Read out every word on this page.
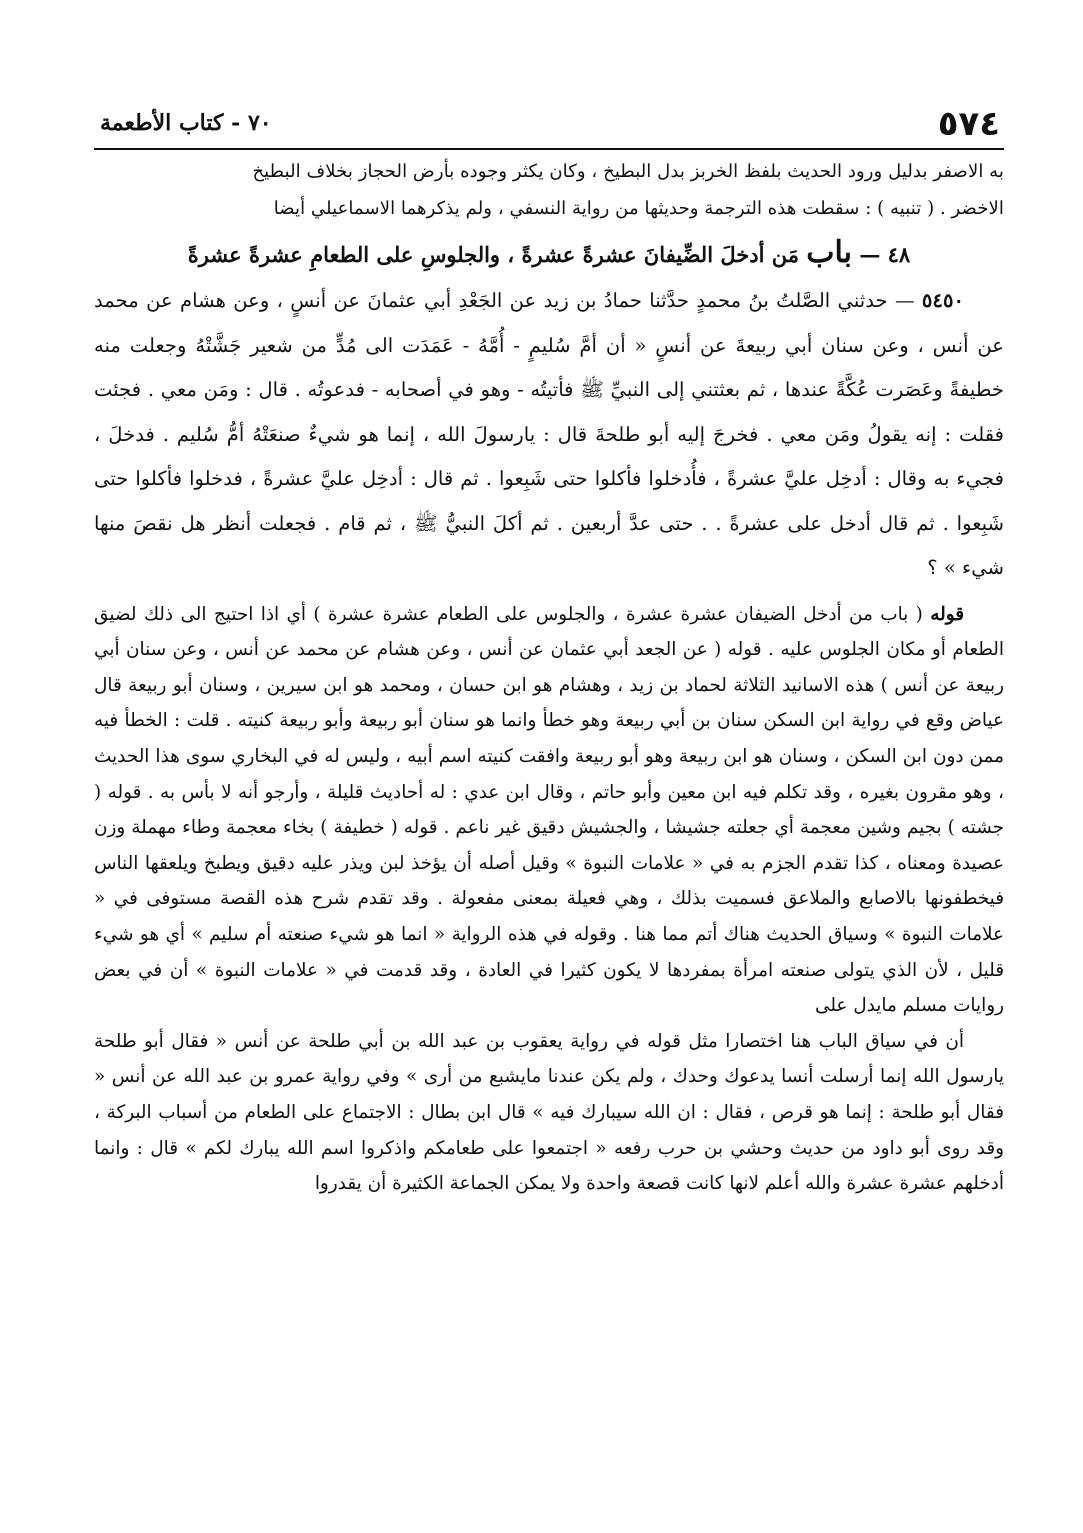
٥٧٤
٧٠ - كتاب الأطعمة

به الاصفر بدليل ورود الحديث بلفظ الخربز بدل البطيخ ، وكان يكثر وجوده بأرض الحجاز بخلاف البطيخ

الاخضر . ( تنبيه ) : سقطت هذه الترجمة وحديثها من رواية النسفي ، ولم يذكرهما الاسماعيلي أيضا

٤٨ — باب مَن أدخلَ الضِّيفانَ عشرةً عشرةً ، والجلوسِ على الطعامِ عشرةً عشرةً

٥٤٥٠ — حدثني الصَّلتُ بنُ محمدٍ حدَّثنا حمادُ بن زيد عن الجَعْدِ أبي عثمانَ عن أنسٍ ، وعن هشام عن محمد عن أنس ، وعن سنان أبي ربيعةَ عن أنسٍ « أن أمَّ سُليمٍ - أُمَّهُ - عَمَدَت الى مُدٍّ من شعير جَشَّتْهُ وجعلت منه خطيفةً وعَصَرت عُكَّةً عندها ، ثم بعثتني إلى النبيِّ ﷺ فأتيتُه - وهو في أصحابه - فدعوتُه . قال : ومَن معي . فجئت فقلت : إنه يقولُ ومَن معي . فخرجَ إليه أبو طلحةَ قال : يارسولَ الله ، إنما هو شيءٌ صنعَتْهُ أمُّ سُليم . فدخلَ ، فجيء به وقال : أدخِل عليَّ عشرةً ، فأُدخلوا فأكلوا حتى شَبِعوا . ثم قال : أدخِل عليَّ عشرةً ، فدخلوا فأكلوا حتى شَبِعوا . ثم قال أدخل على عشرةً . . حتى عدَّ أربعين . ثم أكلَ النبيُّ ﷺ ، ثم قام . فجعلت أنظر هل نقصَ منها شيء » ؟

قوله ( باب من أدخل الضيفان عشرة عشرة ، والجلوس على الطعام عشرة عشرة ) أي اذا احتيج الى ذلك لضيق الطعام أو مكان الجلوس عليه . قوله ( عن الجعد أبي عثمان عن أنس ، وعن هشام عن محمد عن أنس ، وعن سنان أبي ربيعة عن أنس ) هذه الاسانيد الثلاثة لحماد بن زيد ، وهشام هو ابن حسان ، ومحمد هو ابن سيرين ، وسنان أبو ربيعة قال عياض وقع في رواية ابن السكن سنان بن أبي ربيعة وهو خطأ وانما هو سنان أبو ربيعة وأبو ربيعة كنيته . قلت : الخطأ فيه ممن دون ابن السكن ، وسنان هو ابن ربيعة وهو أبو ربيعة وافقت كنيته اسم أبيه ، وليس له في البخاري سوى هذا الحديث ، وهو مقرون بغيره ، وقد تكلم فيه ابن معين وأبو حاتم ، وقال ابن عدي : له أحاديث قليلة ، وأرجو أنه لا بأس به . قوله ( جشته ) بجيم وشين معجمة أي جعلته جشيشا ، والجشيش دقيق غير ناعم . قوله ( خطيفة ) بخاء معجمة وطاء مهملة وزن عصيدة ومعناه ، كذا تقدم الجزم به في « علامات النبوة » وقيل أصله أن يؤخذ لبن ويذر عليه دقيق ويطبخ ويلعقها الناس فيخطفونها بالاصابع والملاعق فسميت بذلك ، وهي فعيلة بمعنى مفعولة . وقد تقدم شرح هذه القصة مستوفى في « علامات النبوة » وسياق الحديث هناك أتم مما هنا . وقوله في هذه الرواية « انما هو شيء صنعته أم سليم » أي هو شيء قليل ، لأن الذي يتولى صنعته امرأة بمفردها لا يكون كثيرا في العادة ، وقد قدمت في « علامات النبوة » أن في بعض روايات مسلم مايدل على

أن في سياق الباب هنا اختصارا مثل قوله في رواية يعقوب بن عبد الله بن أبي طلحة عن أنس « فقال أبو طلحة يارسول الله إنما أرسلت أنسا يدعوك وحدك ، ولم يكن عندنا مايشبع من أرى » وفي رواية عمرو بن عبد الله عن أنس « فقال أبو طلحة : إنما هو قرص ، فقال : ان الله سيبارك فيه » قال ابن بطال : الاجتماع على الطعام من أسباب البركة ، وقد روى أبو داود من حديث وحشي بن حرب رفعه « اجتمعوا على طعامكم واذكروا اسم الله يبارك لكم » قال : وانما أدخلهم عشرة عشرة والله أعلم لانها كانت قصعة واحدة ولا يمكن الجماعة الكثيرة أن يقدروا
